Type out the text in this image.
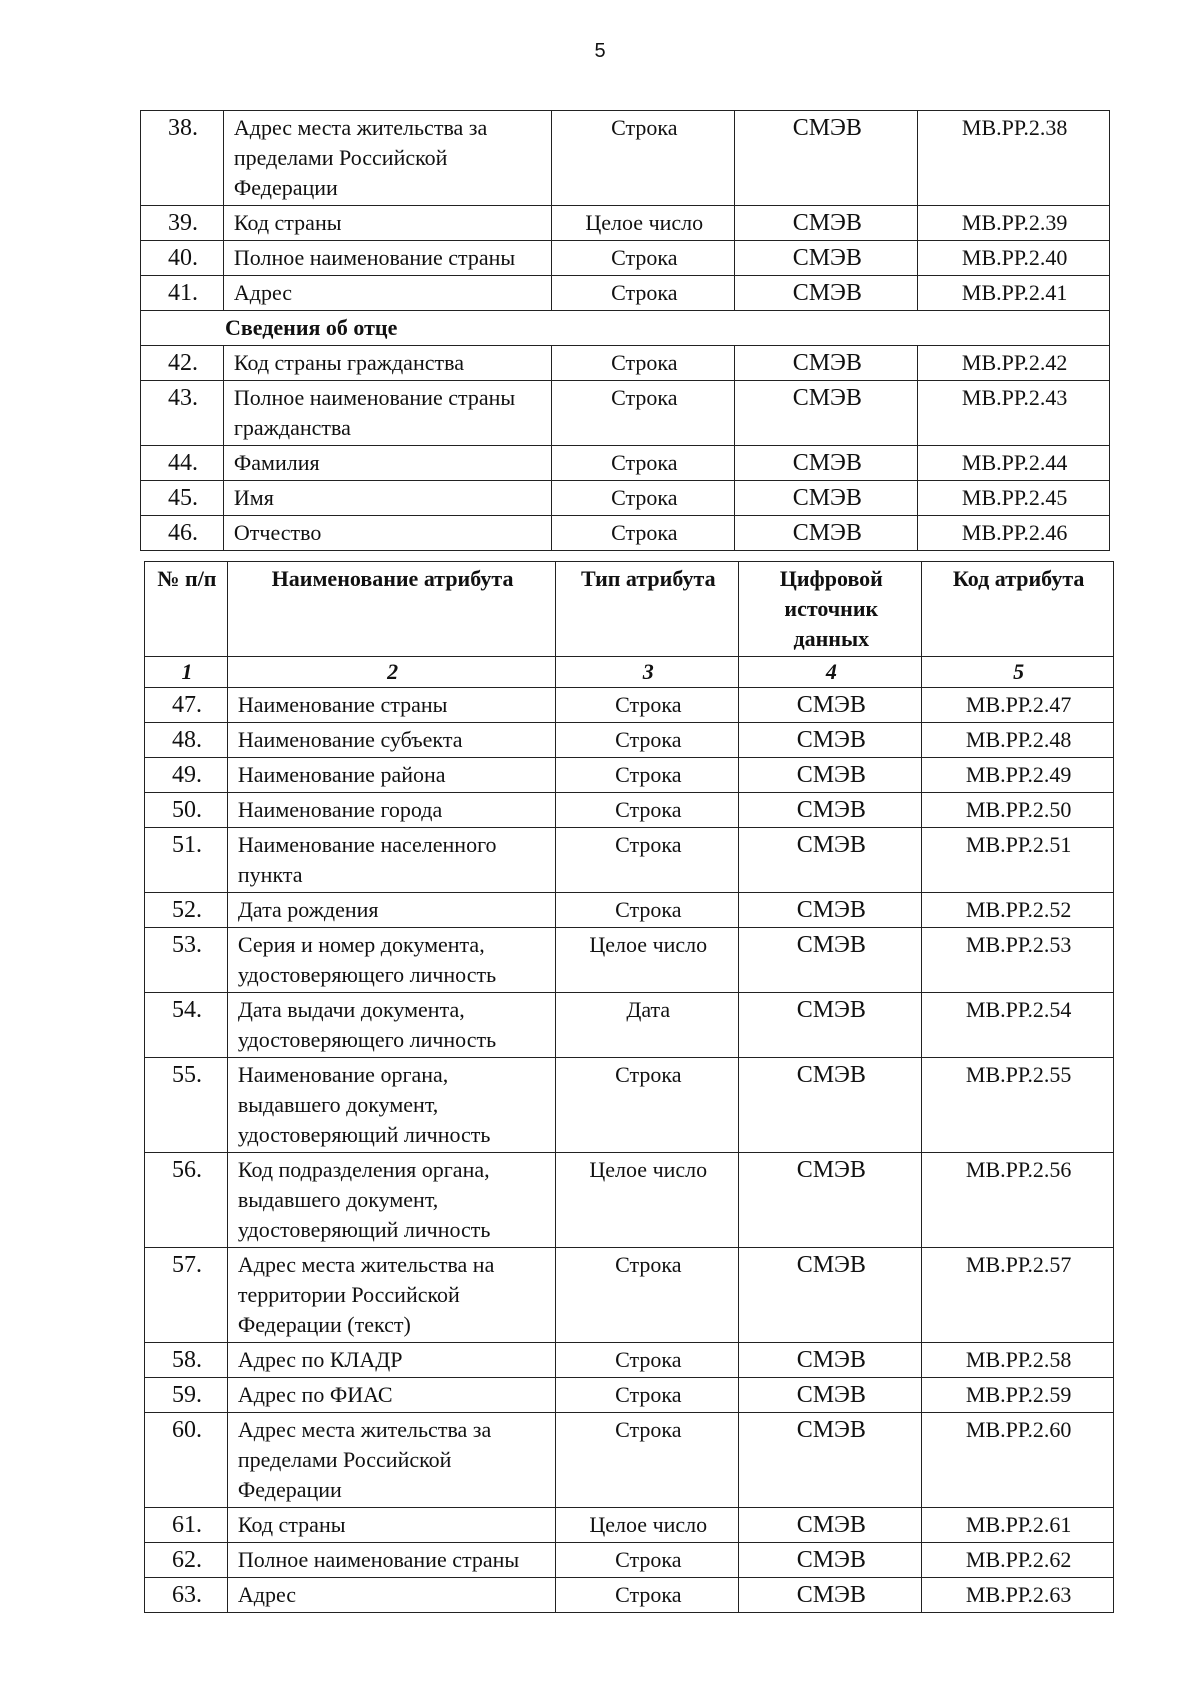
5
38.	Адрес места жительства за пределами Российской Федерации	Строка	СМЭВ	МВ.РР.2.38
39.	Код страны	Целое число	СМЭВ	МВ.РР.2.39
40.	Полное наименование страны	Строка	СМЭВ	МВ.РР.2.40
41.	Адрес	Строка	СМЭВ	МВ.РР.2.41
Сведения об отце				
42.	Код страны гражданства	Строка	СМЭВ	МВ.РР.2.42
43.	Полное наименование страны гражданства	Строка	СМЭВ	МВ.РР.2.43
44.	Фамилия	Строка	СМЭВ	МВ.РР.2.44
45.	Имя	Строка	СМЭВ	МВ.РР.2.45
46.	Отчество	Строка	СМЭВ	МВ.РР.2.46
№ п/п	Наименование атрибута	Тип атрибута	Цифровой источник данных	Код атрибута
1	2	3	4	5
47.	Наименование страны	Строка	СМЭВ	МВ.РР.2.47
48.	Наименование субъекта	Строка	СМЭВ	МВ.РР.2.48
49.	Наименование района	Строка	СМЭВ	МВ.РР.2.49
50.	Наименование города	Строка	СМЭВ	МВ.РР.2.50
51.	Наименование населенного пункта	Строка	СМЭВ	МВ.РР.2.51
52.	Дата рождения	Строка	СМЭВ	МВ.РР.2.52
53.	Серия и номер документа, удостоверяющего личность	Целое число	СМЭВ	МВ.РР.2.53
54.	Дата выдачи документа, удостоверяющего личность	Дата	СМЭВ	МВ.РР.2.54
55.	Наименование органа, выдавшего документ, удостоверяющий личность	Строка	СМЭВ	МВ.РР.2.55
56.	Код подразделения органа, выдавшего документ, удостоверяющий личность	Целое число	СМЭВ	МВ.РР.2.56
57.	Адрес места жительства на территории Российской Федерации (текст)	Строка	СМЭВ	МВ.РР.2.57
58.	Адрес по КЛАДР	Строка	СМЭВ	МВ.РР.2.58
59.	Адрес по ФИАС	Строка	СМЭВ	МВ.РР.2.59
60.	Адрес места жительства за пределами Российской Федерации	Строка	СМЭВ	МВ.РР.2.60
61.	Код страны	Целое число	СМЭВ	МВ.РР.2.61
62.	Полное наименование страны	Строка	СМЭВ	МВ.РР.2.62
63.	Адрес	Строка	СМЭВ	МВ.РР.2.63
